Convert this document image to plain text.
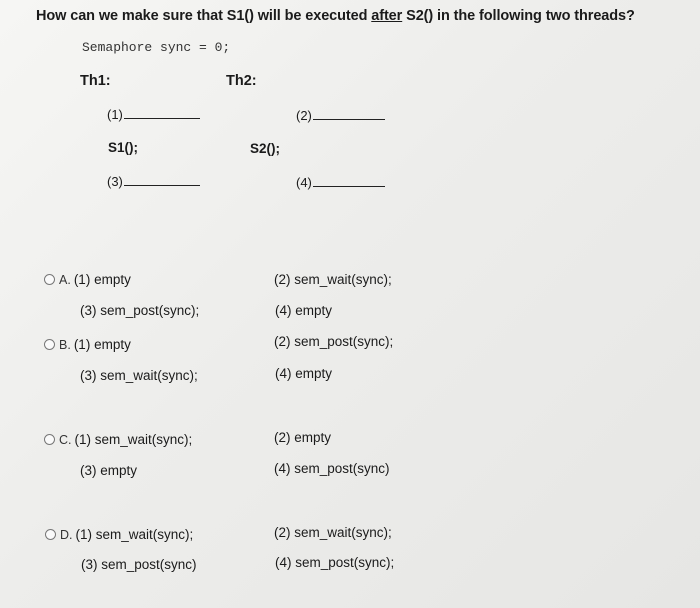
How can we make sure that S1() will be executed after S2() in the following two threads?
Semaphore sync = 0;
Th1:	Th2:
(1)
S1();
(3)
(2)
S2();
(4)
A. (1) empty
(3) sem_post(sync);
(2) sem_wait(sync);
(4) empty
B. (1) empty
(3) sem_wait(sync);
(2) sem_post(sync);
(4) empty
C. (1) sem_wait(sync);
(3) empty
(2) empty
(4) sem_post(sync)
D. (1) sem_wait(sync);
(3) sem_post(sync)
(2) sem_wait(sync);
(4) sem_post(sync);
